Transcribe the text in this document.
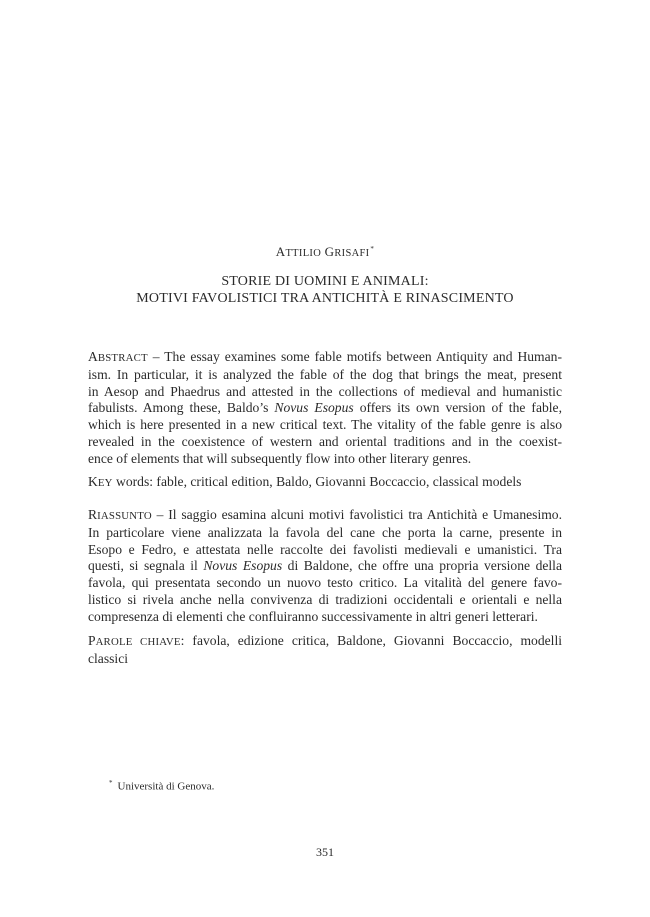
ATTILIO GRISAFI*
STORIE DI UOMINI E ANIMALI:
MOTIVI FAVOLISTICI TRA ANTICHITÀ E RINASCIMENTO
ABSTRACT – The essay examines some fable motifs between Antiquity and Human-
ism. In particular, it is analyzed the fable of the dog that brings the meat, present
in Aesop and Phaedrus and attested in the collections of medieval and humanistic
fabulists. Among these, Baldo’s Novus Esopus offers its own version of the fable,
which is here presented in a new critical text. The vitality of the fable genre is also
revealed in the coexistence of western and oriental traditions and in the coexist-
ence of elements that will subsequently flow into other literary genres.
KEY words: fable, critical edition, Baldo, Giovanni Boccaccio, classical models
RIASSUNTO – Il saggio esamina alcuni motivi favolistici tra Antichità e Umanesimo.
In particolare viene analizzata la favola del cane che porta la carne, presente in
Esopo e Fedro, e attestata nelle raccolte dei favolisti medievali e umanistici. Tra
questi, si segnala il Novus Esopus di Baldone, che offre una propria versione della
favola, qui presentata secondo un nuovo testo critico. La vitalità del genere favo-
listico si rivela anche nella convivenza di tradizioni occidentali e orientali e nella
compresenza di elementi che confluiranno successivamente in altri generi letterari.
PAROLE CHIAVE: favola, edizione critica, Baldone, Giovanni Boccaccio, modelli
classici
* Università di Genova.
351
